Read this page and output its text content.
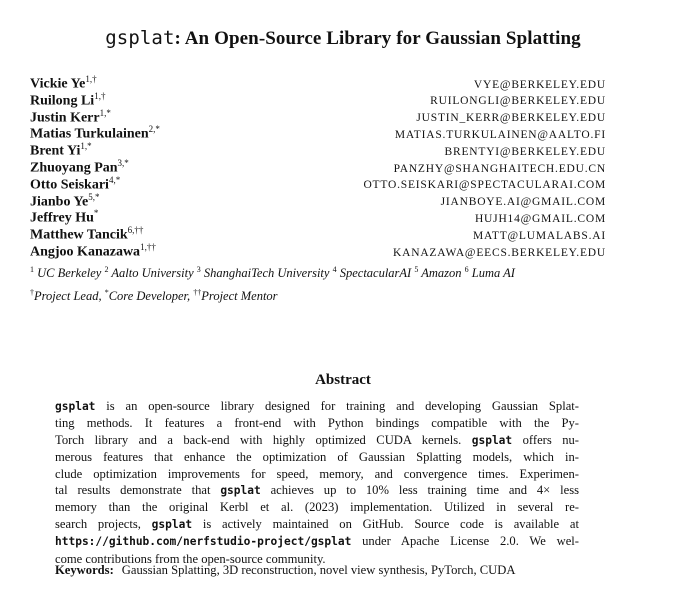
gsplat: An Open-Source Library for Gaussian Splatting
Vickie $Ye^{1,\dagger}$	VYE@BERKELEY.EDU
Ruilong $Li^{1,\dagger}$	RUILONGLI@BERKELEY.EDU
Justin Kerr$^{1,*}$	JUSTIN_KERR@BERKELEY.EDU
Matias Turkulainen$^{2,*}$	MATIAS.TURKULAINEN@AALTO.FI
Brent $Yi^{1,*}$	BRENTYI@BERKELEY.EDU
Zhuoyang Pan$^{3,*}$	PANZHY@SHANGHAITECH.EDU.CN
Otto Seiskari$^{4,*}$	OTTO.SEISKARI@SPECTACULARAI.COM
Jianbo $Ye^{5,*}$	JIANBOYE.AI@GMAIL.COM
Jeffrey Hu*	HUJH14@GMAIL.COM
Matthew Tancik$^{6,\dagger\dagger}$	MATT@LUMALABS.AI
Angjoo Kanazawa$^{1,\dagger\dagger}$	KANAZAWA@EECS.BERKELEY.EDU
$^1$ UC Berkeley $^2$ Aalto University $^3$ ShanghaiTech University $^4$ SpectacularAI $^5$ Amazon $^6$ Luma AI
†Project Lead, *Core Developer, ††Project Mentor
Abstract
gsplat is an open-source library designed for training and developing Gaussian Splat-
ting methods. It features a front-end with Python bindings compatible with the Py-
Torch library and a back-end with highly optimized CUDA kernels. gsplat offers nu-
merous features that enhance the optimization of Gaussian Splatting models, which in-
clude optimization improvements for speed, memory, and convergence times. Experimen-
tal results demonstrate that gsplat achieves up to 10% less training time and 4× less
memory than the original Kerbl et al. (2023) implementation. Utilized in several re-
search projects, gsplat is actively maintained on GitHub. Source code is available at
https://github.com/nerfstudio-project/gsplat under Apache License 2.0. We wel-
come contributions from the open-source community.
Keywords: Gaussian Splatting, 3D reconstruction, novel view synthesis, PyTorch, CUDA
